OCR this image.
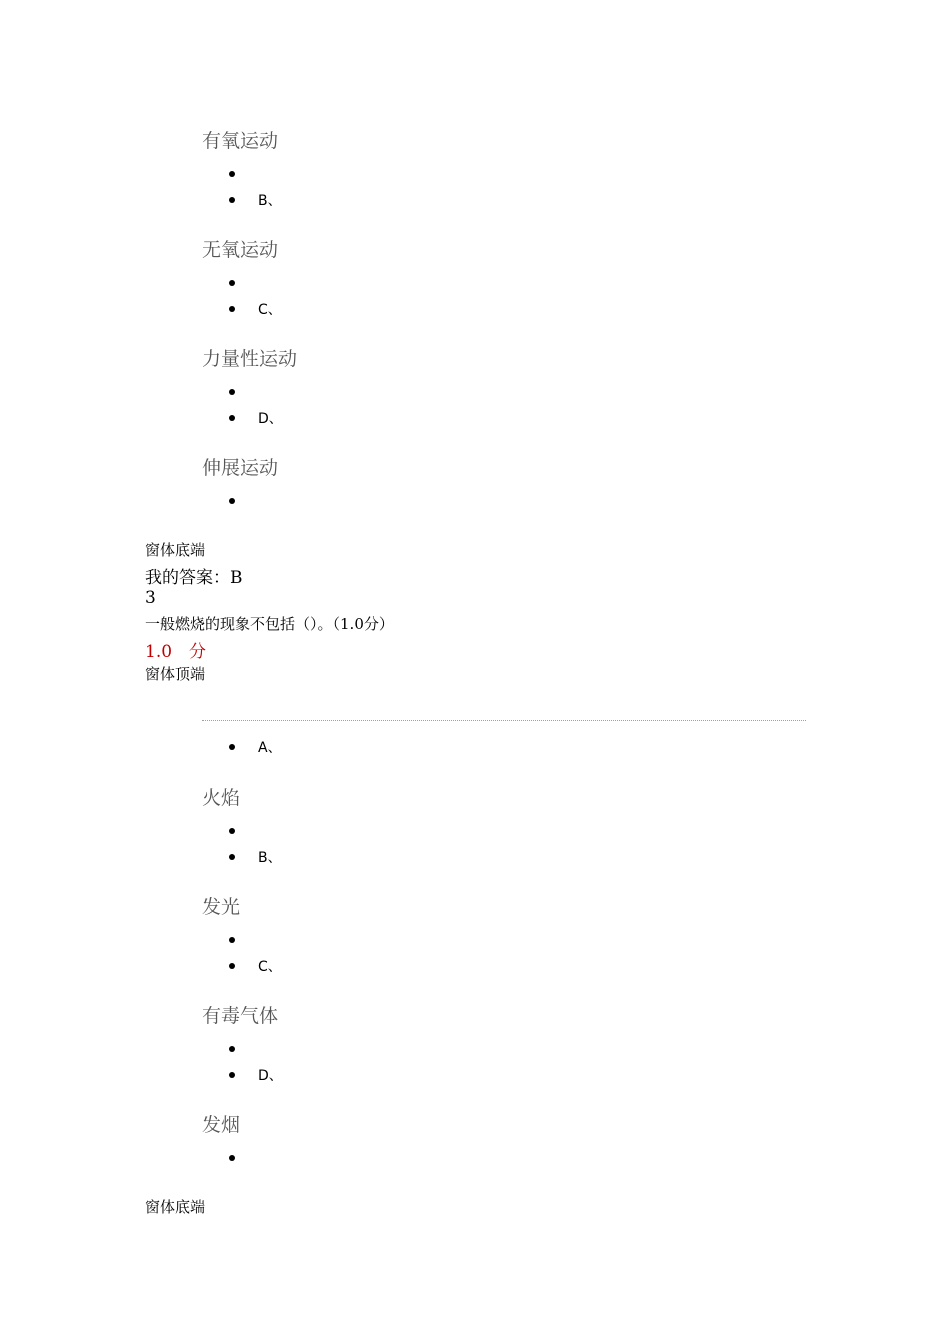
有氧运动
B、
无氧运动
C、
力量性运动
D、
伸展运动
窗体底端
我的答案：B
3
一般燃烧的现象不包括（）。（1.0分）
1.0　分
窗体顶端
A、
火焰
B、
发光
C、
有毒气体
D、
发烟
窗体底端
